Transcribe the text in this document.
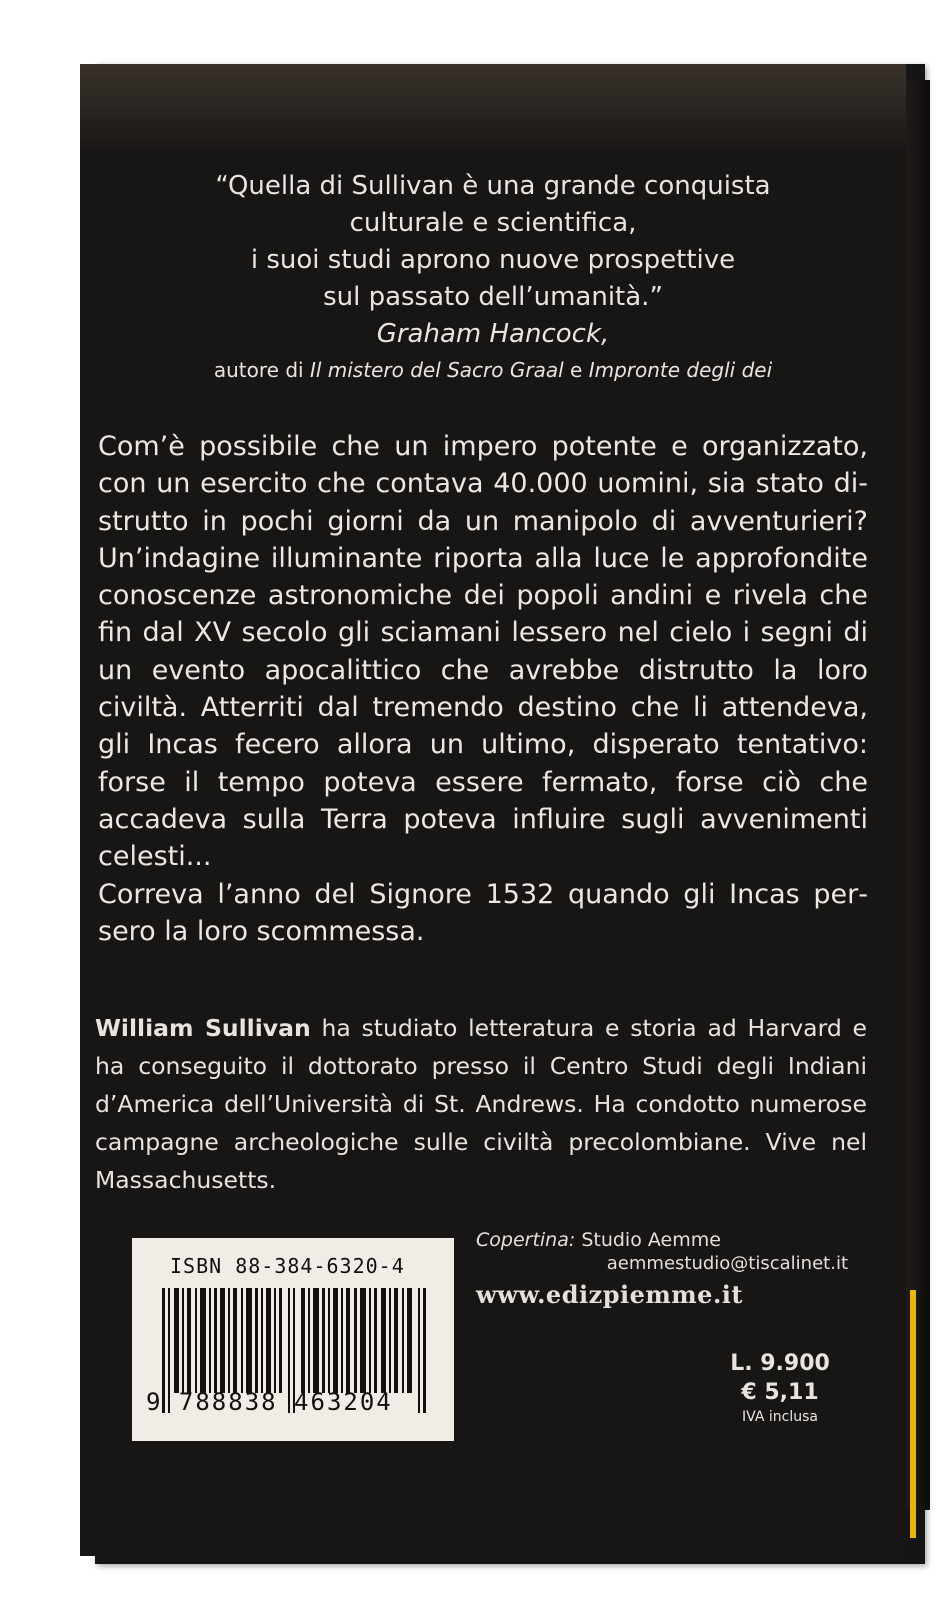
“Quella di Sullivan è una grande conquista
culturale e scientifica,
i suoi studi aprono nuove prospettive
sul passato dell’umanità.”
Graham Hancock,
autore di Il mistero del Sacro Graal e Impronte degli dei

Com’è possibile che un impero potente e organizzato, con un esercito che contava 40.000 uomini, sia stato distrutto in pochi giorni da un manipolo di avventurieri? Un’indagine illuminante riporta alla luce le approfondite conoscenze astronomiche dei popoli andini e rivela che fin dal XV secolo gli sciamani lessero nel cielo i segni di un evento apocalittico che avrebbe distrutto la loro civiltà. Atterriti dal tremendo destino che li attendeva, gli Incas fecero allora un ultimo, disperato tentativo: forse il tempo poteva essere fermato, forse ciò che accadeva sulla Terra poteva influire sugli avvenimenti celesti...

Correva l’anno del Signore 1532 quando gli Incas persero la loro scommessa.

William Sullivan ha studiato letteratura e storia ad Harvard e ha conseguito il dottorato presso il Centro Studi degli Indiani d’America dell’Università di St. Andrews. Ha condotto numerose campagne archeologiche sulle civiltà precolombiane. Vive nel Massachusetts.
ISBN 88-384-6320-4
9 788838 463204
Copertina: Studio Aemme
aemmestudio@tiscalinet.it
www.edizpiemme.it
L. 9.900
€ 5,11
IVA inclusa
